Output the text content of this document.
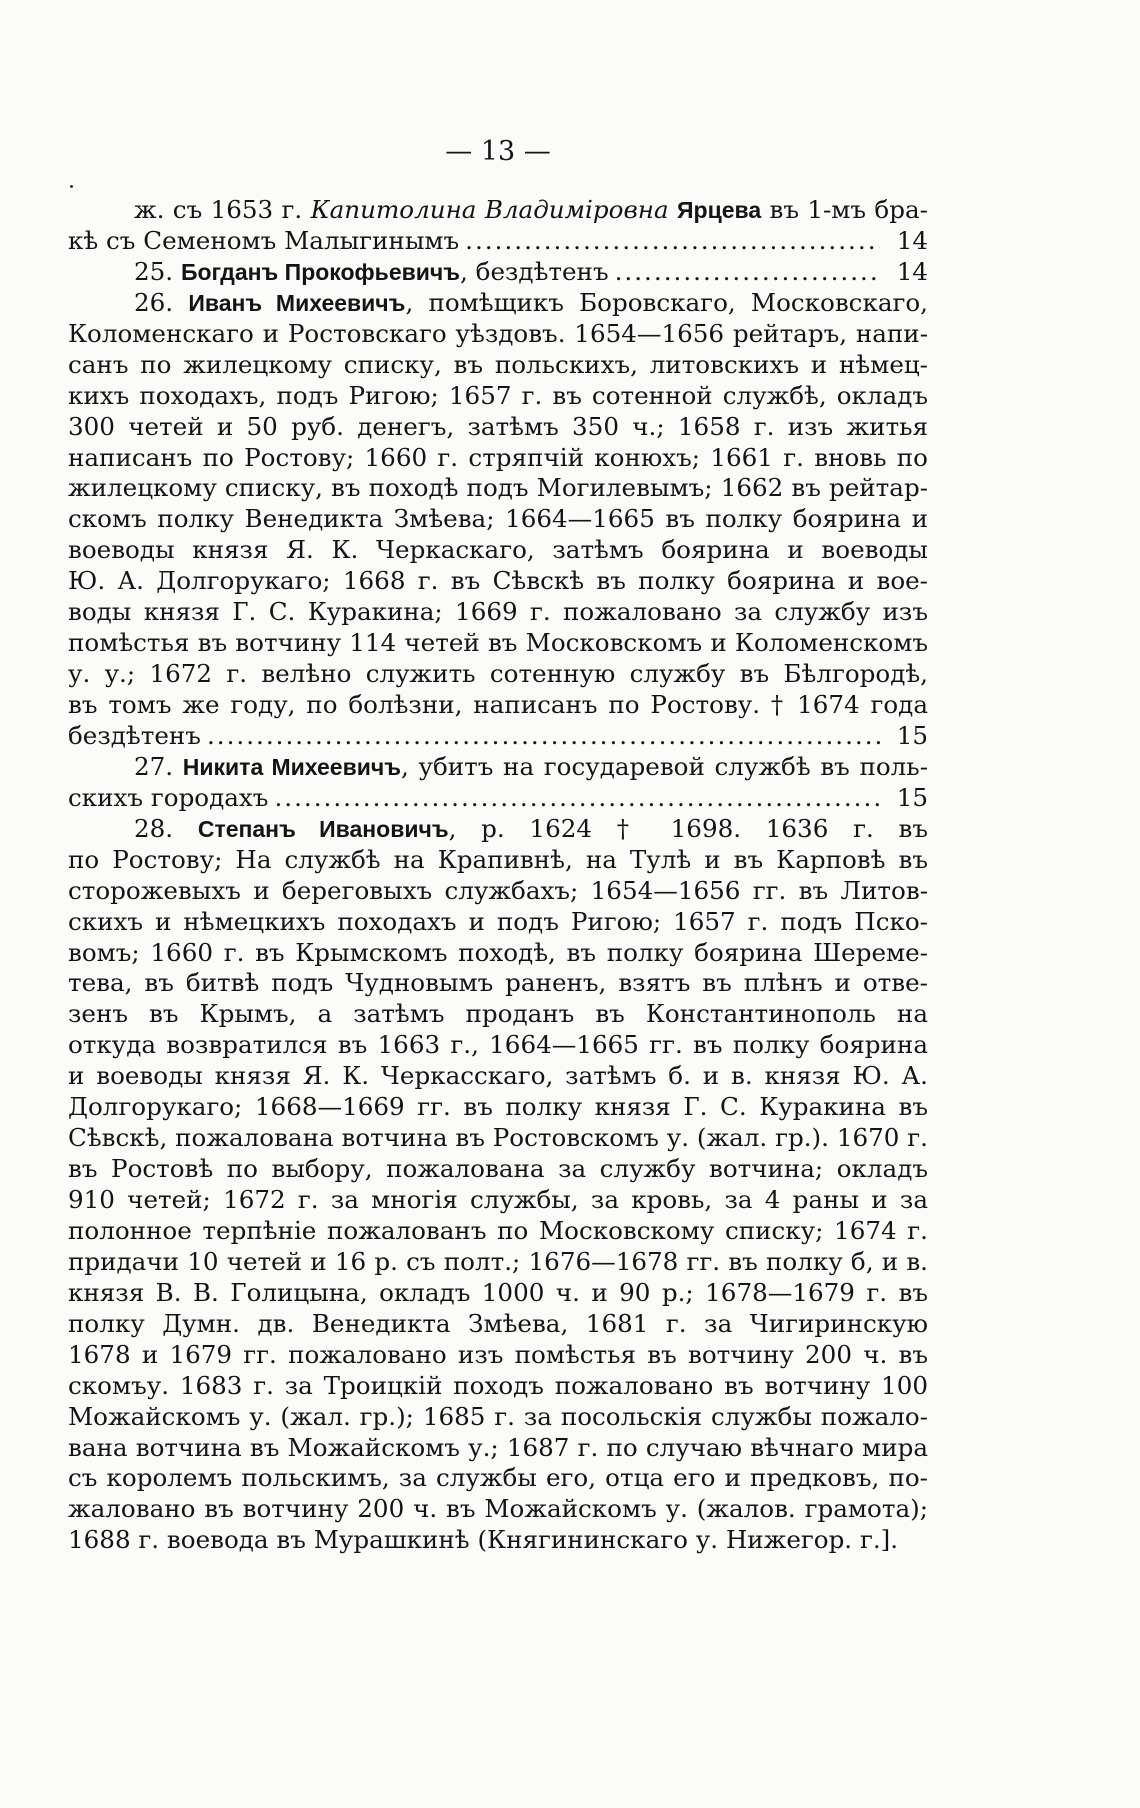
— 13 —
ж. съ 1653 г. Капитолина Владиміровна Ярцева въ 1-мъ бра-
кѣ съ Семеномъ Малыгинымъ .....	14
25. Богданъ Прокофьевичъ, бездѣтенъ .....	14
26. Иванъ Михеевичъ, помѣщикъ Боровскаго, Московскаго,
Коломенскаго и Ростовскаго уѣздовъ. 1654—1656 рейтаръ, напи-
санъ по жилецкому списку, въ польскихъ, литовскихъ и нѣмец-
кихъ походахъ, подъ Ригою; 1657 г. въ сотенной службѣ, окладъ
300 четей и 50 руб. денегъ, затѣмъ 350 ч.; 1658 г. изъ житья
написанъ по Ростову; 1660 г. стряпчій конюхъ; 1661 г. вновь по
жилецкому списку, въ походѣ подъ Могилевымъ; 1662 въ рейтар-
скомъ полку Венедикта Змѣева; 1664—1665 въ полку боярина и
воеводы князя Я. К. Черкаскаго, затѣмъ боярина и воеводы
Ю. А. Долгорукаго; 1668 г. въ Сѣвскѣ въ полку боярина и вое-
воды князя Г. С. Куракина; 1669 г. пожаловано за службу изъ
помѣстья въ вотчину 114 четей въ Московскомъ и Коломенскомъ
у. у.; 1672 г. велѣно служить сотенную службу въ Бѣлгородѣ,
въ томъ же году, по болѣзни, написанъ по Ростову. † 1674 года
бездѣтенъ .....	15
27. Никита Михеевичъ, убитъ на государевой службѣ въ поль-
скихъ городахъ .....	15
28. Степанъ Ивановичъ, р. 1624 † 1698. 1636 г. въ
по Ростову; На службѣ на Крапивнѣ, на Тулѣ и въ Карповѣ въ
сторожевыхъ и береговыхъ службахъ; 1654—1656 гг. въ Литов-
скихъ и нѣмецкихъ походахъ и подъ Ригою; 1657 г. подъ Пско-
вомъ; 1660 г. въ Крымскомъ походѣ, въ полку боярина Шереме-
тева, въ битвѣ подъ Чудновымъ раненъ, взятъ въ плѣнъ и отве-
зенъ въ Крымъ, а затѣмъ проданъ въ Константинополь на
откуда возвратился въ 1663 г., 1664—1665 гг. въ полку боярина
и воеводы князя Я. К. Черкасскаго, затѣмъ б. и в. князя Ю. А.
Долгорукаго; 1668—1669 гг. въ полку князя Г. С. Куракина въ
Сѣвскѣ, пожалована вотчина въ Ростовскомъ у. (жал. гр.). 1670 г.
въ Ростовѣ по выбору, пожалована за службу вотчина; окладъ
910 четей; 1672 г. за многія службы, за кровь, за 4 раны и за
полонное терпѣніе пожалованъ по Московскому списку; 1674 г.
придачи 10 четей и 16 р. съ полт.; 1676—1678 гг. въ полку б, и в.
князя В. В. Голицына, окладъ 1000 ч. и 90 р.; 1678—1679 г. въ
полку Думн. дв. Венедикта Змѣева, 1681 г. за Чигиринскую
1678 и 1679 гг. пожаловано изъ помѣстья въ вотчину 200 ч. въ
скомъу. 1683 г. за Троицкій походъ пожаловано въ вотчину 100
Можайскомъ у. (жал. гр.); 1685 г. за посольскія службы пожало-
вана вотчина въ Можайскомъ у.; 1687 г. по случаю вѣчнаго мира
съ королемъ польскимъ, за службы его, отца его и предковъ, по-
жаловано въ вотчину 200 ч. въ Можайскомъ у. (жалов. грамота);
1688 г. воевода въ Мурашкинѣ (Княгининскаго у. Нижегор. г.].
